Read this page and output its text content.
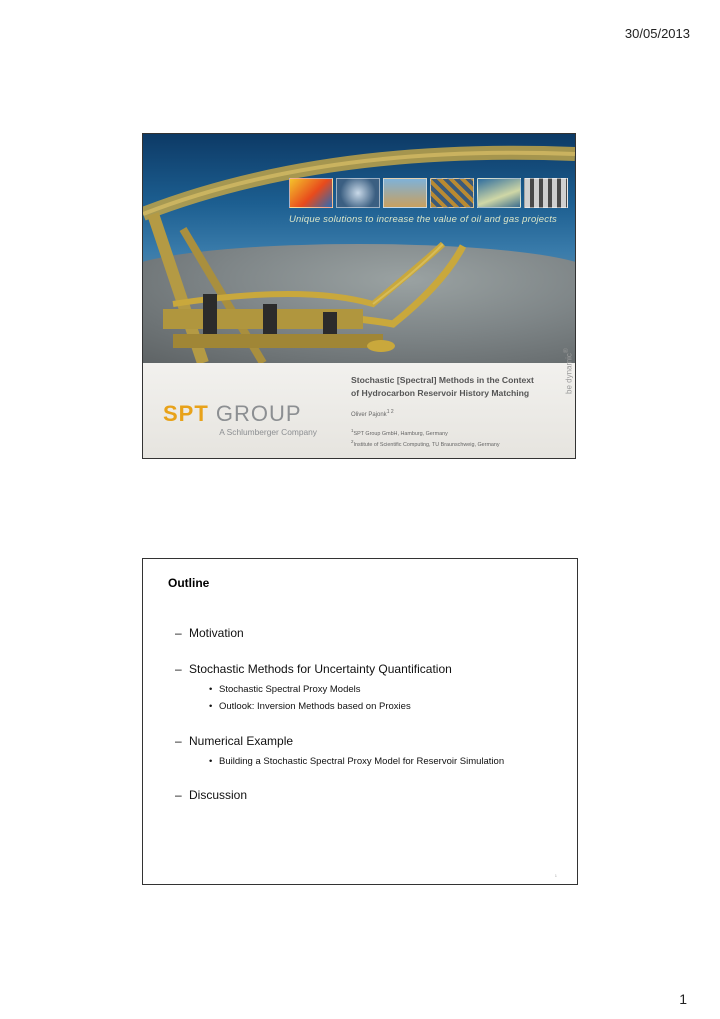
30/05/2013
Unique solutions to increase the value of oil and gas projects
Stochastic [Spectral] Methods in the Context
of Hydrocarbon Reservoir History Matching
Oliver Pajonk$^{1 2}$
$^1$SPT Group GmbH, Hamburg, Germany
$^2$Institute of Scientific Computing, TU Braunschweig, Germany
SPT GROUP
A Schlumberger Company
be dynamic®
Outline
– Motivation
– Stochastic Methods for Uncertainty Quantification
• Stochastic Spectral Proxy Models
• Outlook: Inversion Methods based on Proxies
– Numerical Example
• Building a Stochastic Spectral Proxy Model for Reservoir Simulation
– Discussion
1
1
